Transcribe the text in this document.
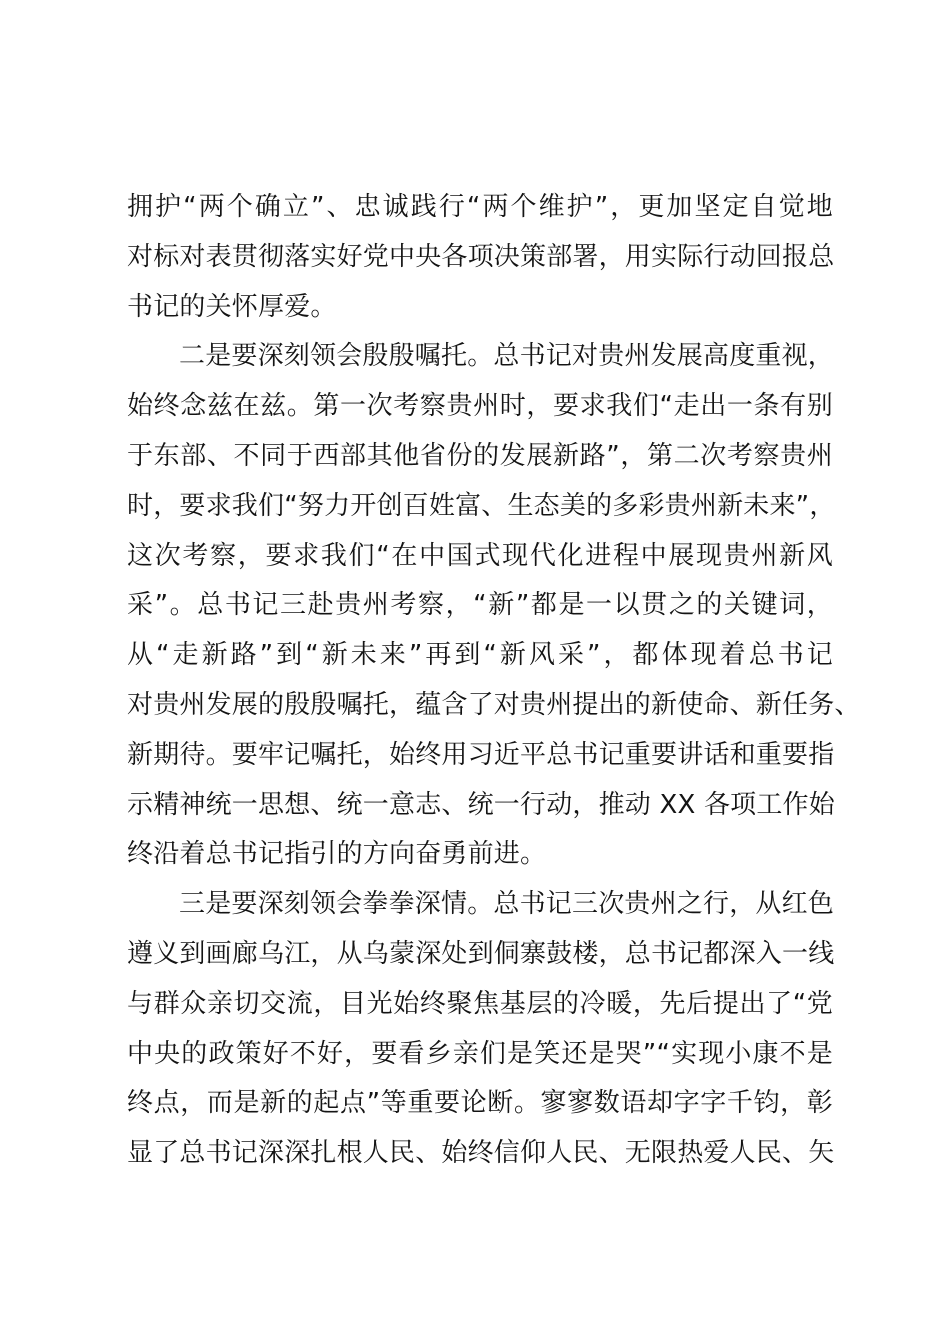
拥护“两个确立”、忠诚践行“两个维护”，更加坚定自觉地
对标对表贯彻落实好党中央各项决策部署，用实际行动回报总
书记的关怀厚爱。
二是要深刻领会殷殷嘱托。总书记对贵州发展高度重视，
始终念兹在兹。第一次考察贵州时，要求我们“走出一条有别
于东部、不同于西部其他省份的发展新路”，第二次考察贵州
时，要求我们“努力开创百姓富、生态美的多彩贵州新未来”，
这次考察，要求我们“在中国式现代化进程中展现贵州新风
采”。总书记三赴贵州考察，“新”都是一以贯之的关键词，
从“走新路”到“新未来”再到“新风采”，都体现着总书记
对贵州发展的殷殷嘱托，蕴含了对贵州提出的新使命、新任务、
新期待。要牢记嘱托，始终用习近平总书记重要讲话和重要指
示精神统一思想、统一意志、统一行动，推动 XX 各项工作始
终沿着总书记指引的方向奋勇前进。
三是要深刻领会拳拳深情。总书记三次贵州之行，从红色
遵义到画廊乌江，从乌蒙深处到侗寨鼓楼，总书记都深入一线
与群众亲切交流，目光始终聚焦基层的冷暖，先后提出了“党
中央的政策好不好，要看乡亲们是笑还是哭”“实现小康不是
终点，而是新的起点”等重要论断。寥寥数语却字字千钧，彰
显了总书记深深扎根人民、始终信仰人民、无限热爱人民、矢
